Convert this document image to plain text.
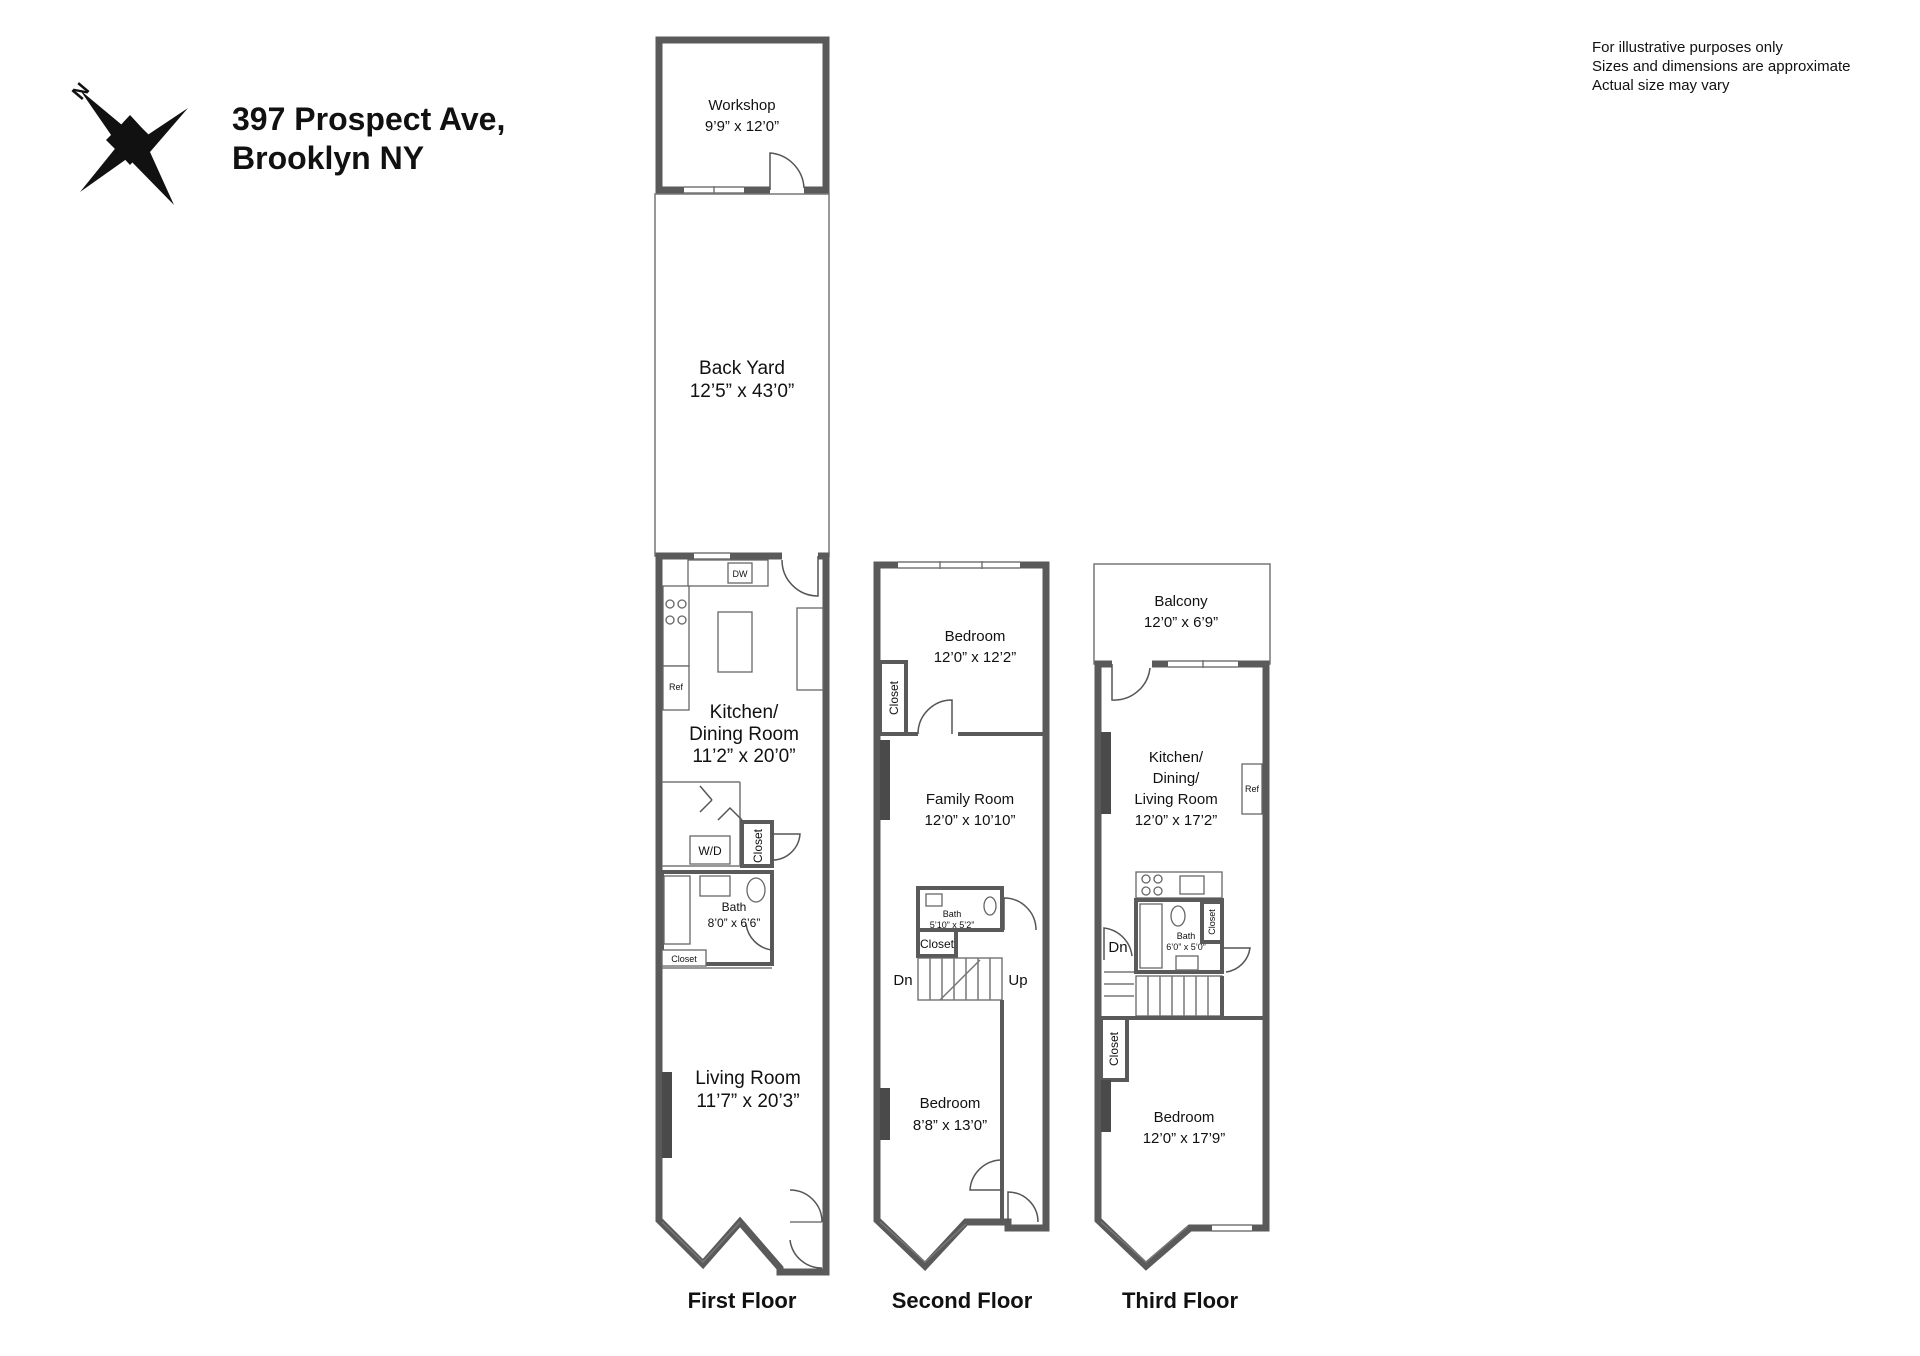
N
397 Prospect Ave,
Brooklyn NY
For illustrative purposes only
Sizes and dimensions are approximate
Actual size may vary
Workshop
9’9” x 12’0”
Back Yard
12’5” x 43’0”
DW
Ref
Kitchen/
Dining Room
11’2” x 20’0”
W/D Closet
Bath
8’0” x 6’6”
Closet
Living Room
11’7” x 20’3”
First Floor
Bedroom
12’0” x 12’2”
Closet
Family Room
12’0” x 10’10”
Bath
5’10” x 5’2”
Closet
Dn	Up
Bedroom
8’8” x 13’0”
Second Floor
Balcony
12’0” x 6’9”
Ref
Kitchen/
Dining/
Living Room
12’0” x 17’2”
Bath
6’0” x 5’0”
Closet
Dn
Closet
Bedroom
12’0” x 17’9”
Third Floor
